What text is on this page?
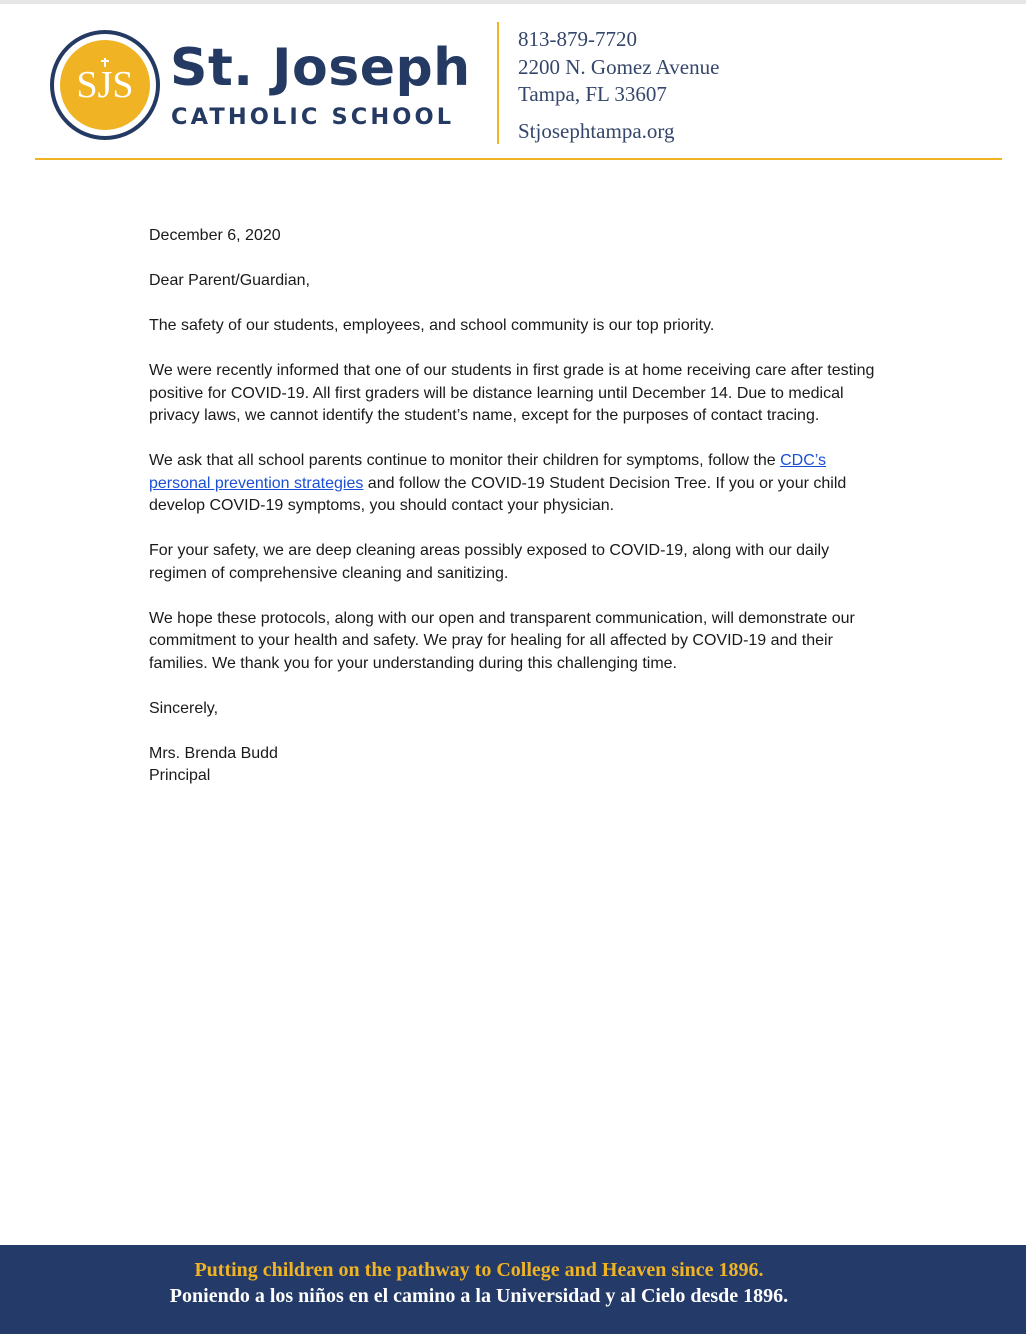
SJS St. Joseph
CATHOLIC SCHOOL
813-879-7720
2200 N. Gomez Avenue
Tampa, FL 33607
Stjosephtampa.org

December 6, 2020

Dear Parent/Guardian,

The safety of our students, employees, and school community is our top priority.

We were recently informed that one of our students in first grade is at home receiving care after testing positive for COVID-19. All first graders will be distance learning until December 14. Due to medical privacy laws, we cannot identify the student’s name, except for the purposes of contact tracing.

We ask that all school parents continue to monitor their children for symptoms, follow the CDC’s personal prevention strategies and follow the COVID-19 Student Decision Tree. If you or your child develop COVID-19 symptoms, you should contact your physician.

For your safety, we are deep cleaning areas possibly exposed to COVID-19, along with our daily regimen of comprehensive cleaning and sanitizing.

We hope these protocols, along with our open and transparent communication, will demonstrate our commitment to your health and safety. We pray for healing for all affected by COVID-19 and their families. We thank you for your understanding during this challenging time.

Sincerely,

Mrs. Brenda Budd
Principal

Putting children on the pathway to College and Heaven since 1896.
Poniendo a los niños en el camino a la Universidad y al Cielo desde 1896.
